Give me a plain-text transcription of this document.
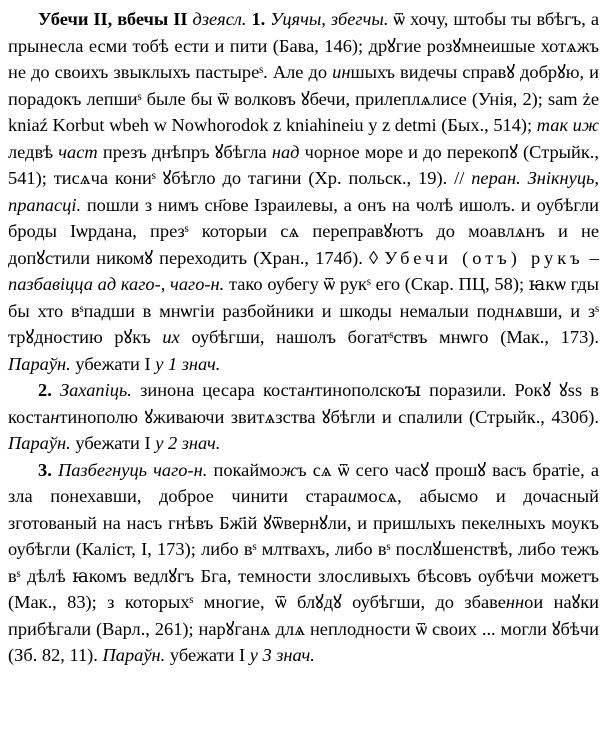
Убечи II, вбечы II дзеясл. 1. Уцячы, збегчы. ѿ хочу, штобы ты вбѣгъ, а прынесла есми тобѣ ести и пити (Бава, 146); дрꙋгие розꙋмнеишые хотѧжъ не до своихъ звыклыхъ пастыреˢ. Але до иншыхъ видечы справꙋ добрꙋю, и порадокъ лепшиˢ быле бы ѿ волковъ ꙋбечи, прилеплѧлисе (Унія, 2); sam że kniaź Korbut wbeh w Nowhorodok z kniahineiu y z detmi (Бых., 514); так иж ледвѣ част презъ днѣпръ ꙋбѣгла над чорное море и до перекопꙋ (Стрыйк., 541); тисѧча кониˢ ꙋбѣгло до тагини (Хр. польск., 19). // перан. Знікнуць, прапасці. пошли з нимъ сн҃ове Ізраилевы, а онъ на чолѣ ишолъ. и оубѣгли броды Іѡрдана, презˢ которыи сѧ переправꙋютъ до моавлѧнъ и не допꙋстили никомꙋ переходить (Хран., 174б). ◊ Убечи (отъ) рукъ – пазбавіцца ад каго-, чаго-н. тако оубегу ѿ рукˢ его (Скар. ПЦ, 58); ꙗкѡ гды бы хто вˢпадши в мнѡгіи разбойники и шкоды немалыи поднѧвши, и зˢ трꙋдностию рꙋкъ их оубѣгши, нашолъ богатˢствъ мнѡго (Мак., 173). Параўн. убежати I у 1 знач.

2. Захапіць. зинона цесара костантинополскоꙑ поразили. Рокꙋ ꙋѕѕ в костантинополю ꙋживаючи звитѧзства ꙋбѣгли и спалили (Стрыйк., 430б). Параўн. убежати I у 2 знач.

3. Пазбегнуць чаго-н. покайможъ сѧ ѿ сего часꙋ прошꙋ васъ братіе, а зла понехавши, доброе чинити стараимосѧ, абысмо и дочасный зготованый на насъ гнѣвъ Бж҃ій ꙋѿвернꙋли, и пришлыхъ пекелныхъ моукъ оубѣгли (Каліст, I, 173); либо вˢ млтвахъ, либо вˢ послꙋшенствѣ, либо тежъ вˢ дѣлѣ ꙗкомъ ведлꙋгъ Бга, темности злосливыхъ бѣсовъ оубѣчи можетъ (Мак., 83); з которыхˢ многие, ѿ блꙋдꙋ оубѣгши, до збавеннои наꙋки прибѣгали (Варл., 261); нарꙋганѧ длѧ неплодности ѿ своих ... могли ꙋбѣчи (Зб. 82, 11). Параўн. убежати I у 3 знач.
